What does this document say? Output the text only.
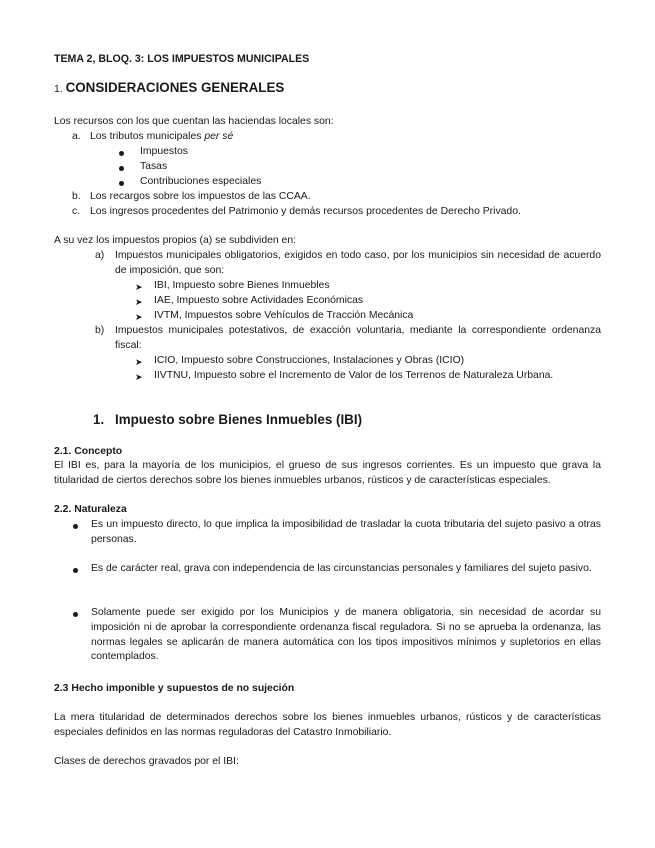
TEMA 2, BLOQ. 3: LOS IMPUESTOS MUNICIPALES
1. CONSIDERACIONES GENERALES
Los recursos con los que cuentan las haciendas locales son:
a. Los tributos municipales per sé
Impuestos
Tasas
Contribuciones especiales
b. Los recargos sobre los impuestos de las CCAA.
c. Los ingresos procedentes del Patrimonio y demás recursos procedentes de Derecho Privado.
A su vez los impuestos propios (a) se subdividen en:
a) Impuestos municipales obligatorios, exigidos en todo caso, por los municipios sin necesidad de acuerdo de imposición, que son:
➤ IBI, Impuesto sobre Bienes Inmuebles
➤ IAE, Impuesto sobre Actividades Económicas
➤ IVTM, Impuestos sobre Vehículos de Tracción Mecánica
b) Impuestos municipales potestativos, de exacción voluntaria, mediante la correspondiente ordenanza fiscal:
➤ ICIO, Impuesto sobre Construcciones, Instalaciones y Obras (ICIO)
➤ IIVTNU, Impuesto sobre el Incremento de Valor de los Terrenos de Naturaleza Urbana.
1. Impuesto sobre Bienes Inmuebles (IBI)
2.1. Concepto
El IBI es, para la mayoría de los municipios, el grueso de sus ingresos corrientes. Es un impuesto que grava la titularidad de ciertos derechos sobre los bienes inmuebles urbanos, rústicos y de características especiales.
2.2. Naturaleza
Es un impuesto directo, lo que implica la imposibilidad de trasladar la cuota tributaria del sujeto pasivo a otras personas.
Es de carácter real, grava con independencia de las circunstancias personales y familiares del sujeto pasivo.
Solamente puede ser exigido por los Municipios y de manera obligatoria, sin necesidad de acordar su imposición ni de aprobar la correspondiente ordenanza fiscal reguladora. Si no se aprueba la ordenanza, las normas legales se aplicarán de manera automática con los tipos impositivos mínimos y supletorios en ellas contemplados.
2.3 Hecho imponible y supuestos de no sujeción
La mera titularidad de determinados derechos sobre los bienes inmuebles urbanos, rústicos y de características especiales definidos en las normas reguladoras del Catastro Inmobiliario.
Clases de derechos gravados por el IBI:
